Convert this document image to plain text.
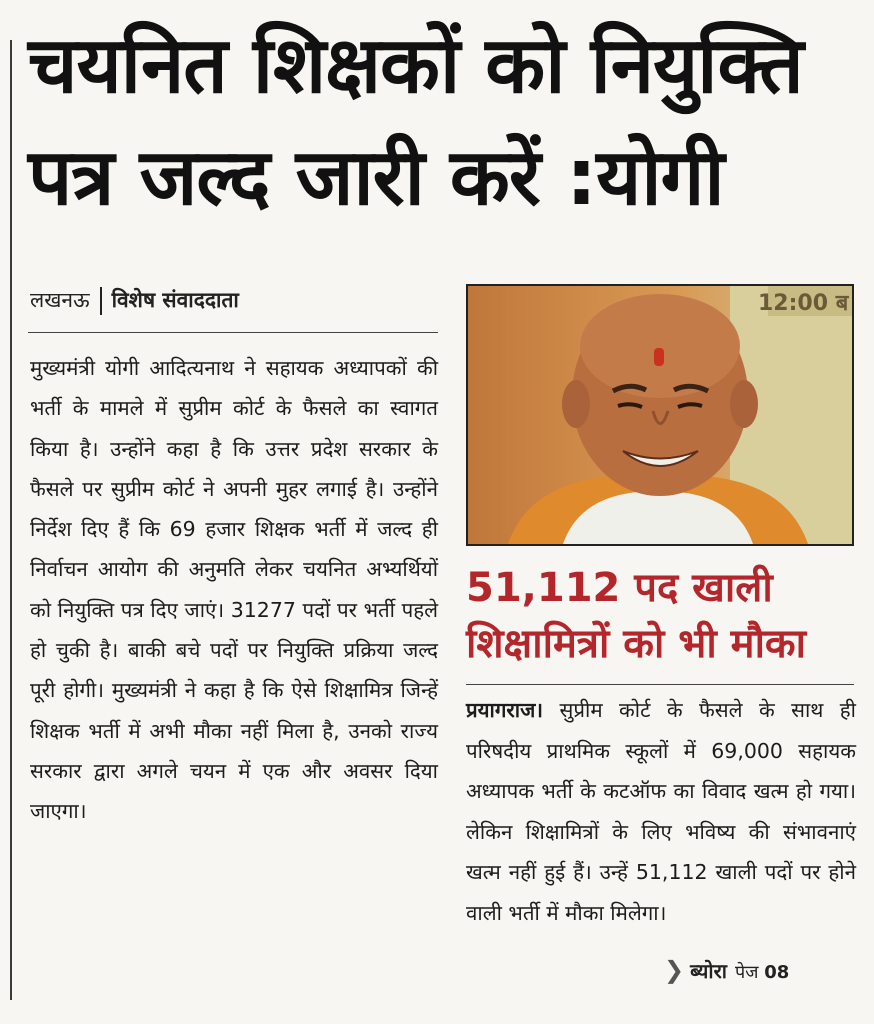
चयनित शिक्षकों को नियुक्ति
पत्र जल्द जारी करें :योगी
लखनऊ विशेष संवाददाता
मुख्यमंत्री योगी आदित्यनाथ ने सहायक अध्यापकों की भर्ती के मामले में सुप्रीम कोर्ट के फैसले का स्वागत किया है। उन्होंने कहा है कि उत्तर प्रदेश सरकार के फैसले पर सुप्रीम कोर्ट ने अपनी मुहर लगाई है। उन्होंने निर्देश दिए हैं कि 69 हजार शिक्षक भर्ती में जल्द ही निर्वाचन आयोग की अनुमति लेकर चयनित अभ्यर्थियों को नियुक्ति पत्र दिए जाएं। 31277 पदों पर भर्ती पहले हो चुकी है। बाकी बचे पदों पर नियुक्ति प्रक्रिया जल्द पूरी होगी। मुख्यमंत्री ने कहा है कि ऐसे शिक्षामित्र जिन्हें शिक्षक भर्ती में अभी मौका नहीं मिला है, उनको राज्य सरकार द्वारा अगले चयन में एक और अवसर दिया जाएगा।
12:00 ब
51,112 पद खाली
शिक्षामित्रों को भी मौका
प्रयागराज। सुप्रीम कोर्ट के फैसले के साथ ही परिषदीय प्राथमिक स्कूलों में 69,000 सहायक अध्यापक भर्ती के कटऑफ का विवाद खत्म हो गया। लेकिन शिक्षामित्रों के लिए भविष्य की संभावनाएं खत्म नहीं हुई हैं। उन्हें 51,112 खाली पदों पर होने वाली भर्ती में मौका मिलेगा।
❯ ब्योरा पेज 08
